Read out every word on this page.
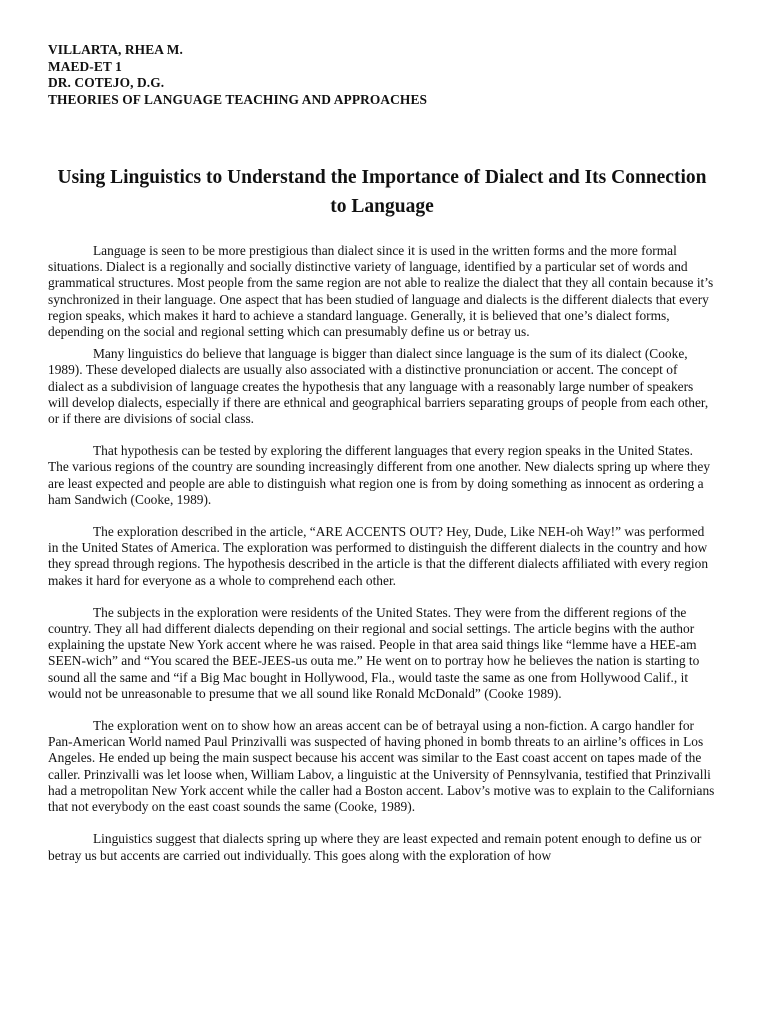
VILLARTA, RHEA M.
MAED-ET 1
DR. COTEJO, D.G.
THEORIES OF LANGUAGE TEACHING AND APPROACHES
Using Linguistics to Understand the Importance of Dialect and Its Connection to Language

Language is seen to be more prestigious than dialect since it is used in the written forms and the more formal situations. Dialect is a regionally and socially distinctive variety of language, identified by a particular set of words and grammatical structures. Most people from the same region are not able to realize the dialect that they all contain because it’s synchronized in their language. One aspect that has been studied of language and dialects is the different dialects that every region speaks, which makes it hard to achieve a standard language. Generally, it is believed that one’s dialect forms, depending on the social and regional setting which can presumably define us or betray us.

Many linguistics do believe that language is bigger than dialect since language is the sum of its dialect (Cooke, 1989). These developed dialects are usually also associated with a distinctive pronunciation or accent. The concept of dialect as a subdivision of language creates the hypothesis that any language with a reasonably large number of speakers will develop dialects, especially if there are ethnical and geographical barriers separating groups of people from each other, or if there are divisions of social class.

That hypothesis can be tested by exploring the different languages that every region speaks in the United States. The various regions of the country are sounding increasingly different from one another. New dialects spring up where they are least expected and people are able to distinguish what region one is from by doing something as innocent as ordering a ham Sandwich (Cooke, 1989).

The exploration described in the article, “ARE ACCENTS OUT? Hey, Dude, Like NEH-oh Way!” was performed in the United States of America. The exploration was performed to distinguish the different dialects in the country and how they spread through regions. The hypothesis described in the article is that the different dialects affiliated with every region makes it hard for everyone as a whole to comprehend each other.

The subjects in the exploration were residents of the United States. They were from the different regions of the country. They all had different dialects depending on their regional and social settings. The article begins with the author explaining the upstate New York accent where he was raised. People in that area said things like “lemme have a HEE-am SEEN-wich” and “You scared the BEE-JEES-us outa me.” He went on to portray how he believes the nation is starting to sound all the same and “if a Big Mac bought in Hollywood, Fla., would taste the same as one from Hollywood Calif., it would not be unreasonable to presume that we all sound like Ronald McDonald” (Cooke 1989).

The exploration went on to show how an areas accent can be of betrayal using a non-fiction. A cargo handler for Pan-American World named Paul Prinzivalli was suspected of having phoned in bomb threats to an airline’s offices in Los Angeles. He ended up being the main suspect because his accent was similar to the East coast accent on tapes made of the caller. Prinzivalli was let loose when, William Labov, a linguistic at the University of Pennsylvania, testified that Prinzivalli had a metropolitan New York accent while the caller had a Boston accent. Labov’s motive was to explain to the Californians that not everybody on the east coast sounds the same (Cooke, 1989).

Linguistics suggest that dialects spring up where they are least expected and remain potent enough to define us or betray us but accents are carried out individually. This goes along with the exploration of how
